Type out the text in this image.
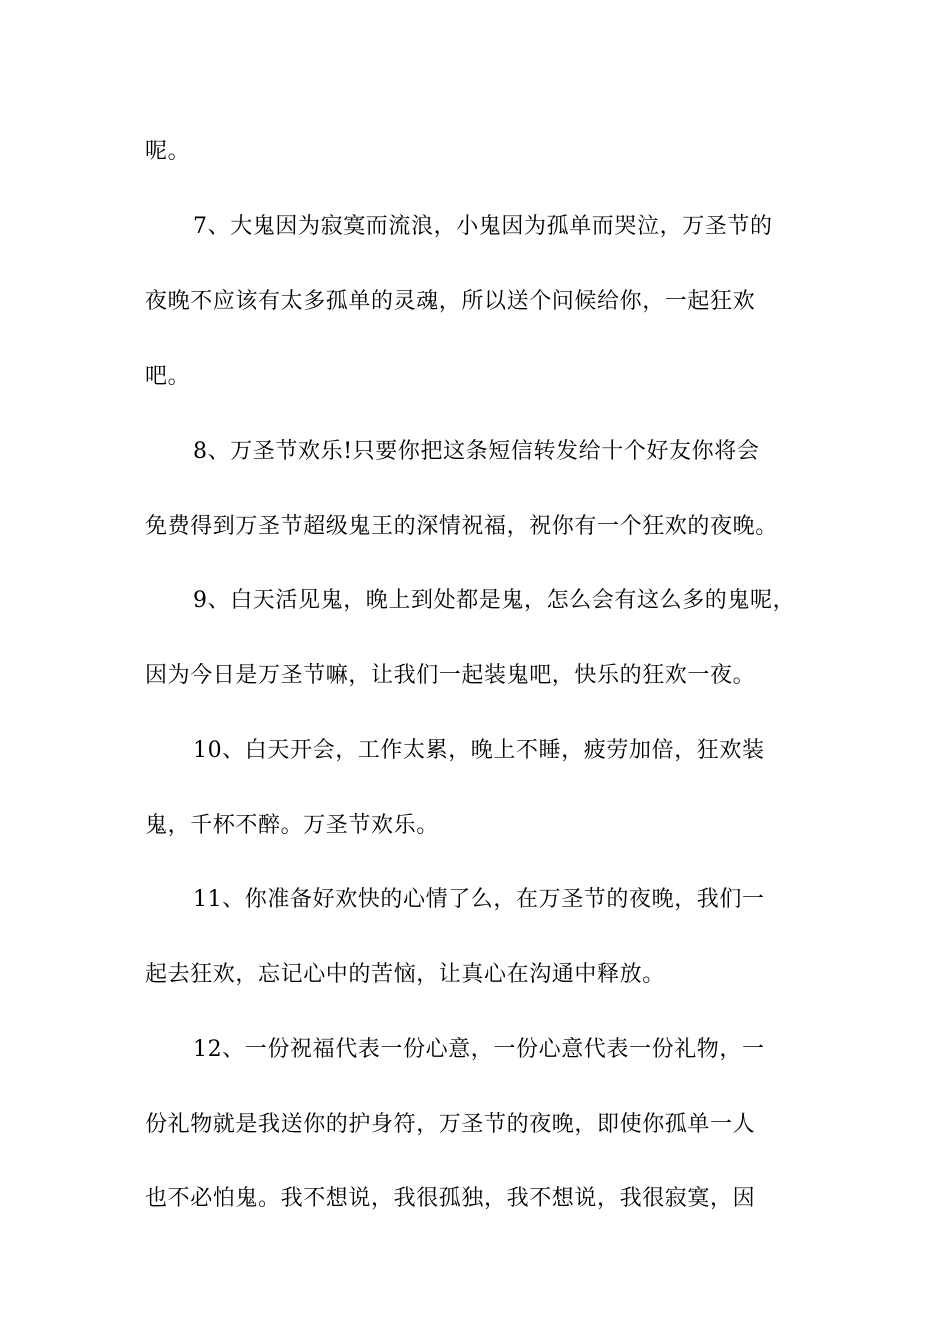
呢。
7、大鬼因为寂寞而流浪，小鬼因为孤单而哭泣，万圣节的
夜晚不应该有太多孤单的灵魂，所以送个问候给你，一起狂欢
吧。
8、万圣节欢乐!只要你把这条短信转发给十个好友你将会
免费得到万圣节超级鬼王的深情祝福，祝你有一个狂欢的夜晚。
9、白天活见鬼，晚上到处都是鬼，怎么会有这么多的鬼呢，
因为今日是万圣节嘛，让我们一起装鬼吧，快乐的狂欢一夜。
10、白天开会，工作太累，晚上不睡，疲劳加倍，狂欢装
鬼，千杯不醉。万圣节欢乐。
11、你准备好欢快的心情了么，在万圣节的夜晚，我们一
起去狂欢，忘记心中的苦恼，让真心在沟通中释放。
12、一份祝福代表一份心意，一份心意代表一份礼物，一
份礼物就是我送你的护身符，万圣节的夜晚，即使你孤单一人
也不必怕鬼。我不想说，我很孤独，我不想说，我很寂寞，因
